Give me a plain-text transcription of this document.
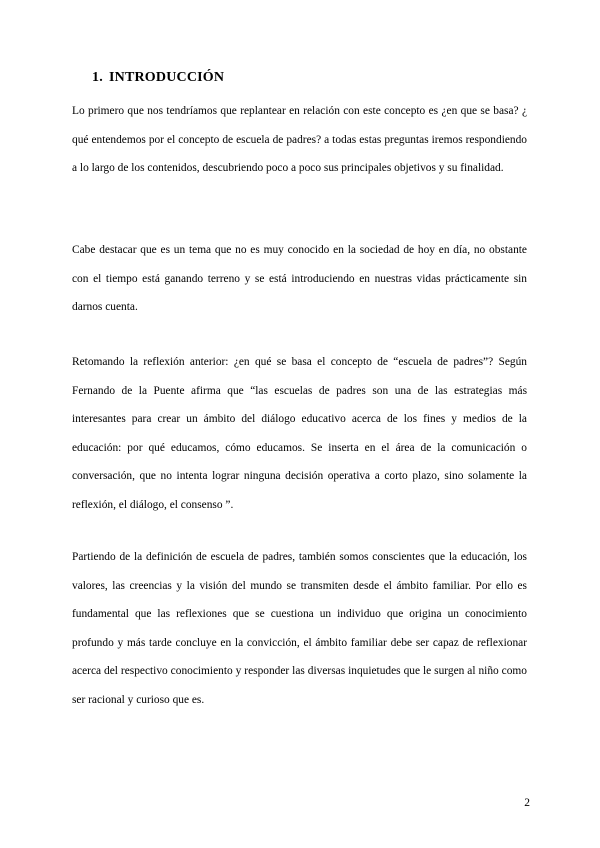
1. INTRODUCCIÓN

Lo primero que nos tendríamos que replantear en relación con este concepto es ¿en que se basa? ¿ qué entendemos por el concepto de escuela de padres? a todas estas preguntas iremos respondiendo a lo largo de los contenidos, descubriendo poco a poco sus principales objetivos y su finalidad.

Cabe destacar que es un tema que no es muy conocido en la sociedad de hoy en día, no obstante con el tiempo está ganando terreno y se está introduciendo en nuestras vidas prácticamente sin darnos cuenta.

Retomando la reflexión anterior: ¿en qué se basa el concepto de “escuela de padres”? Según Fernando de la Puente afirma que “las escuelas de padres son una de las estrategias más interesantes para crear un ámbito del diálogo educativo acerca de los fines y medios de la educación: por qué educamos, cómo educamos. Se inserta en el área de la comunicación o conversación, que no intenta lograr ninguna decisión operativa a corto plazo, sino solamente la reflexión, el diálogo, el consenso ”.

Partiendo de la definición de escuela de padres, también somos conscientes que la educación, los valores, las creencias y la visión del mundo se transmiten desde el ámbito familiar. Por ello es fundamental que las reflexiones que se cuestiona un individuo que origina un conocimiento profundo y más tarde concluye en la convicción, el ámbito familiar debe ser capaz de reflexionar acerca del respectivo conocimiento y responder las diversas inquietudes que le surgen al niño como ser racional y curioso que es.

2
